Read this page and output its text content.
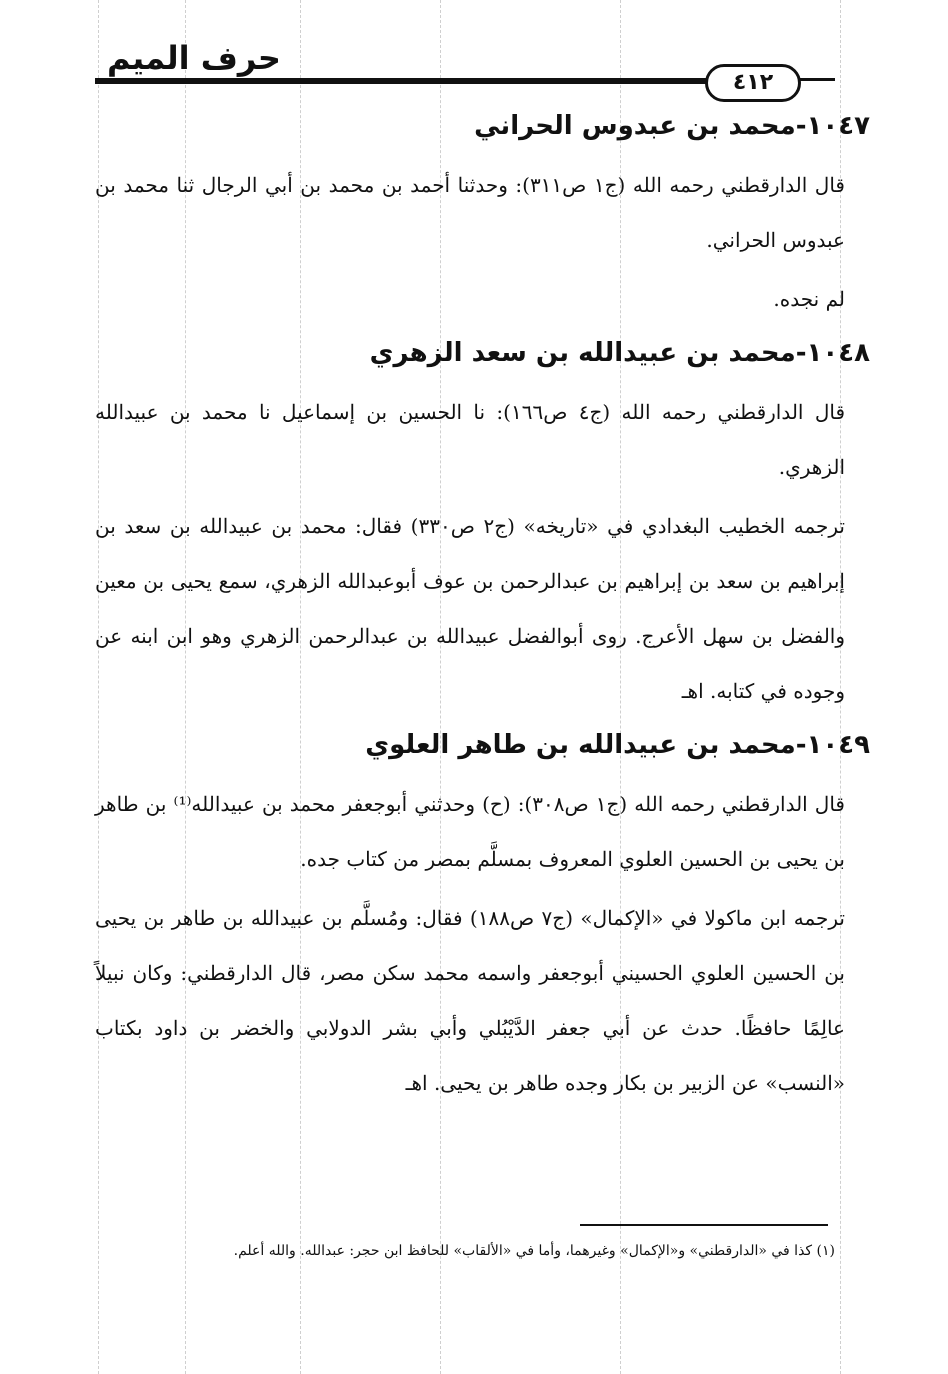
حرف الميم
٤١٢
١٠٤٧-محمد بن عبدوس الحراني

قال الدارقطني رحمه الله (ج١ ص٣١١): وحدثنا أحمد بن محمد بن أبي الرجال ثنا محمد بن عبدوس الحراني.

لم نجده.

١٠٤٨-محمد بن عبيدالله بن سعد الزهري

قال الدارقطني رحمه الله (ج٤ ص١٦٦): نا الحسين بن إسماعيل نا محمد بن عبيدالله الزهري.

ترجمه الخطيب البغدادي في «تاريخه» (ج٢ ص٣٣٠) فقال: محمد بن عبيدالله بن سعد بن إبراهيم بن سعد بن إبراهيم بن عبدالرحمن بن عوف أبوعبدالله الزهري، سمع يحيى بن معين والفضل بن سهل الأعرج. روى أبوالفضل عبيدالله بن عبدالرحمن الزهري وهو ابن ابنه عن وجوده في كتابه. اهـ

١٠٤٩-محمد بن عبيدالله بن طاهر العلوي

قال الدارقطني رحمه الله (ج١ ص٣٠٨): (ح) وحدثني أبوجعفر محمد بن عبيدالله⁽¹⁾ بن طاهر بن يحيى بن الحسين العلوي المعروف بمسلَّم بمصر من كتاب جده.

ترجمه ابن ماكولا في «الإكمال» (ج٧ ص١٨٨) فقال: ومُسلَّم بن عبيدالله بن طاهر بن يحيى بن الحسين العلوي الحسيني أبوجعفر واسمه محمد سكن مصر، قال الدارقطني: وكان نبيلاً عالِمًا حافظًا. حدث عن أبي جعفر الدَّيْبُلي وأبي بشر الدولابي والخضر بن داود بكتاب «النسب» عن الزبير بن بكار وجده طاهر بن يحيى. اهـ

(١) كذا في «الدارقطني» و«الإكمال» وغيرهما، وأما في «الألقاب» للحافظ ابن حجر: عبدالله. والله أعلم.
